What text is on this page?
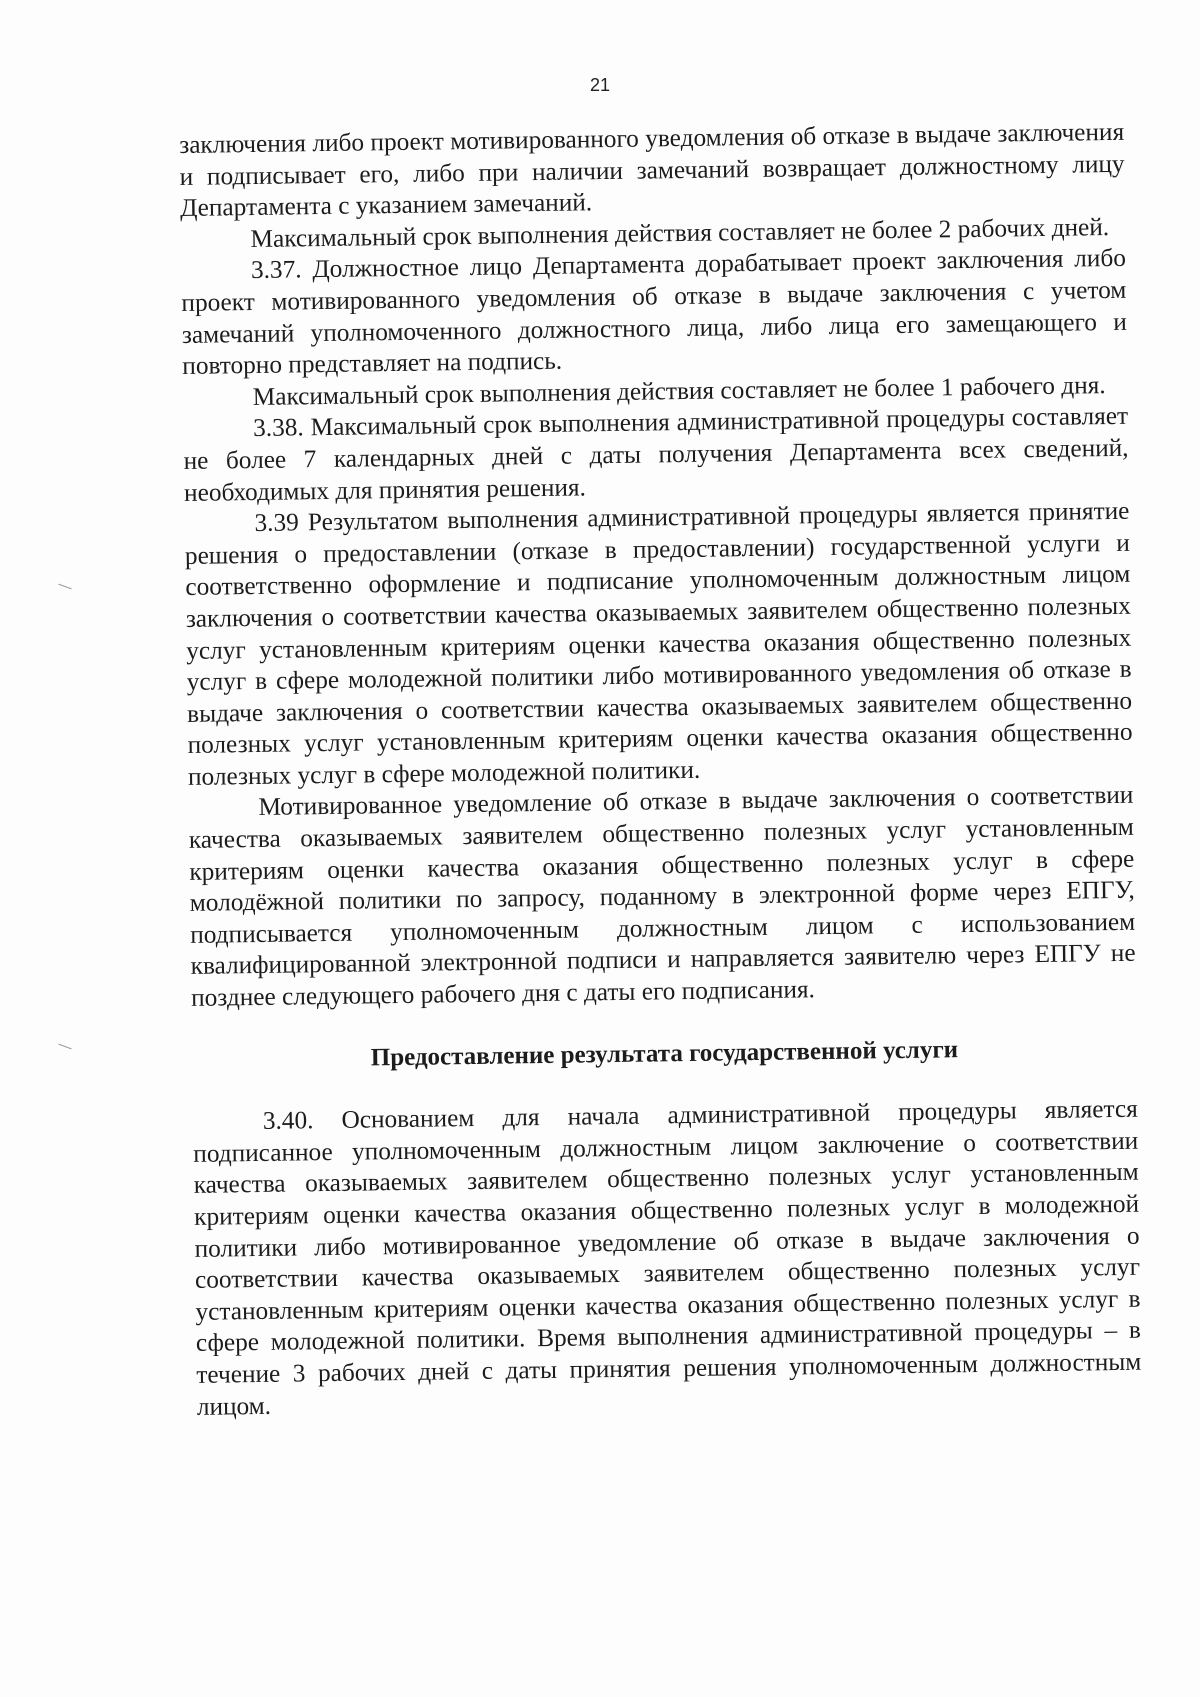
21

заключения либо проект мотивированного уведомления об отказе в выдаче заключения и подписывает его, либо при наличии замечаний возвращает должностному лицу Департамента с указанием замечаний.

Максимальный срок выполнения действия составляет не более 2 рабочих дней.

3.37. Должностное лицо Департамента дорабатывает проект заключения либо проект мотивированного уведомления об отказе в выдаче заключения с учетом замечаний уполномоченного должностного лица, либо лица его замещающего и повторно представляет на подпись.

Максимальный срок выполнения действия составляет не более 1 рабочего дня.

3.38. Максимальный срок выполнения административной процедуры составляет не более 7 календарных дней с даты получения Департамента всех сведений, необходимых для принятия решения.

3.39 Результатом выполнения административной процедуры является принятие решения о предоставлении (отказе в предоставлении) государственной услуги и соответственно оформление и подписание уполномоченным должностным лицом заключения о соответствии качества оказываемых заявителем общественно полезных услуг установленным критериям оценки качества оказания общественно полезных услуг в сфере молодежной политики либо мотивированного уведомления об отказе в выдаче заключения о соответствии качества оказываемых заявителем общественно полезных услуг установленным критериям оценки качества оказания общественно полезных услуг в сфере молодежной политики.

Мотивированное уведомление об отказе в выдаче заключения о соответствии качества оказываемых заявителем общественно полезных услуг установленным критериям оценки качества оказания общественно полезных услуг в сфере молодёжной политики по запросу, поданному в электронной форме через ЕПГУ, подписывается уполномоченным должностным лицом с использованием квалифицированной электронной подписи и направляется заявителю через ЕПГУ не позднее следующего рабочего дня с даты его подписания.

Предоставление результата государственной услуги

3.40. Основанием для начала административной процедуры является подписанное уполномоченным должностным лицом заключение о соответствии качества оказываемых заявителем общественно полезных услуг установленным критериям оценки качества оказания общественно полезных услуг в молодежной политики либо мотивированное уведомление об отказе в выдаче заключения о соответствии качества оказываемых заявителем общественно полезных услуг установленным критериям оценки качества оказания общественно полезных услуг в сфере молодежной политики. Время выполнения административной процедуры – в течение 3 рабочих дней с даты принятия решения уполномоченным должностным лицом.
